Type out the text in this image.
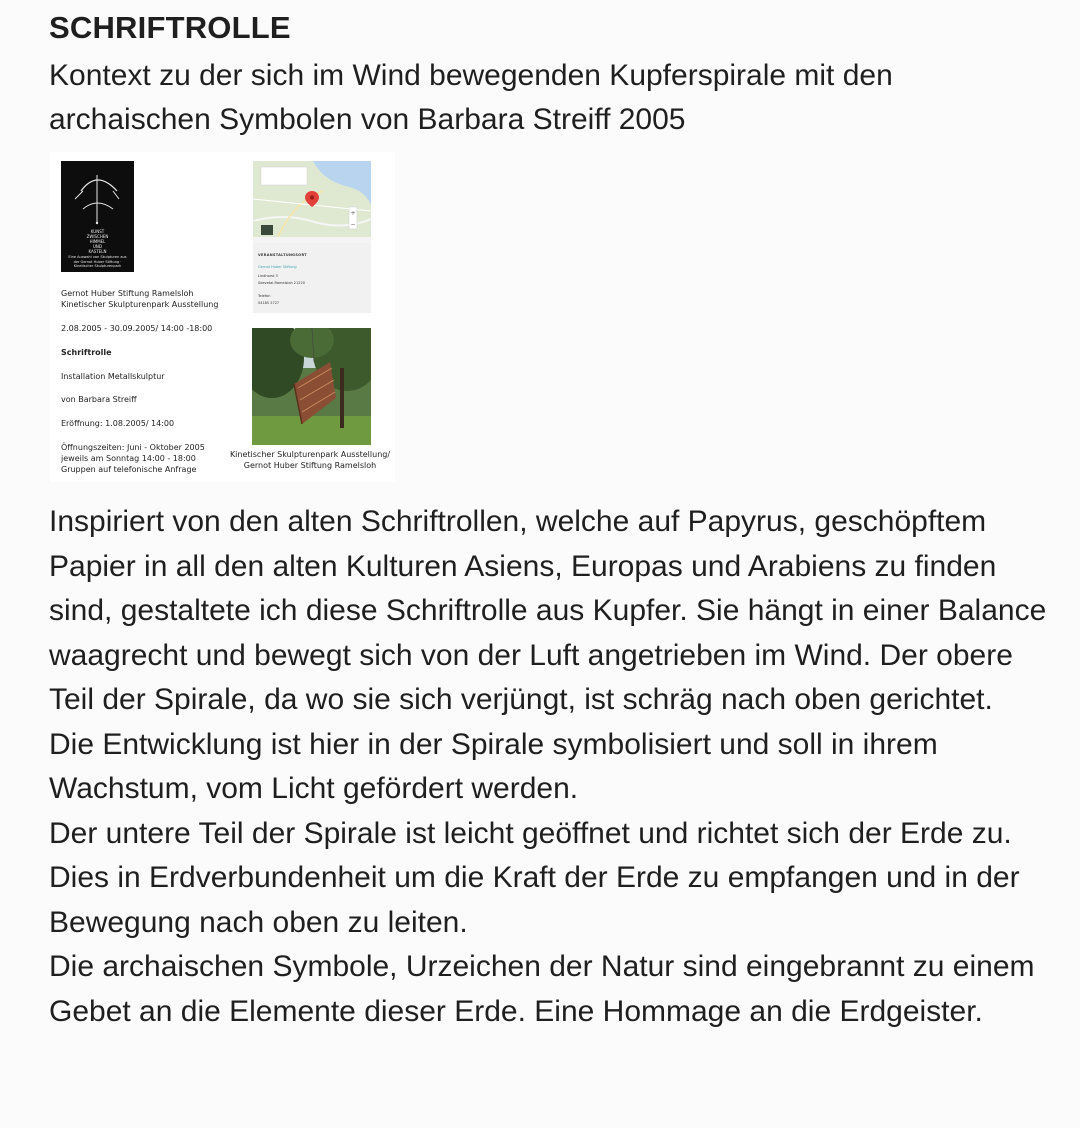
SCHRIFTROLLE

Kontext zu der sich im Wind bewegenden Kupferspirale mit den archaischen Symbolen von Barbara Streiff 2005

KUNST
ZWISCHEN
HIMMEL
UND
KASTELN
Eine Auswahl von Skulpturen aus der Gernot Huber Stiftung · Kinetischer Skulpturenpark
Gernot Huber Stiftung Ramelsloh
Kinetischer Skulpturenpark Ausstellung
2.08.2005 - 30.09.2005/ 14:00 -18:00
Schriftrolle
Installation Metallskulptur
von Barbara Streiff
Eröffnung: 1.08.2005/ 14:00
Öffnungszeiten: Juni - Oktober 2005
jeweils am Sonntag 14:00 - 18:00
Gruppen auf telefonische Anfrage
+
−
VERANSTALTUNGSORT
Gernot Huber Stiftung
Lindhorst 3
Seevetal-Ramelsloh 21220
Telefon
04185 2727
Kinetischer Skulpturenpark Ausstellung/
Gernot Huber Stiftung Ramelsloh

Inspiriert von den alten Schriftrollen, welche auf Papyrus, geschöpftem Papier in all den alten Kulturen Asiens, Europas und Arabiens zu finden sind, gestaltete ich diese Schriftrolle aus Kupfer. Sie hängt in einer Balance waagrecht und bewegt sich von der Luft angetrieben im Wind. Der obere Teil der Spirale, da wo sie sich verjüngt, ist schräg nach oben gerichtet.

Die Entwicklung ist hier in der Spirale symbolisiert und soll in ihrem Wachstum, vom Licht gefördert werden.

Der untere Teil der Spirale ist leicht geöffnet und richtet sich der Erde zu. Dies in Erdverbundenheit um die Kraft der Erde zu empfangen und in der Bewegung nach oben zu leiten.

Die archaischen Symbole, Urzeichen der Natur sind eingebrannt zu einem Gebet an die Elemente dieser Erde. Eine Hommage an die Erdgeister.
